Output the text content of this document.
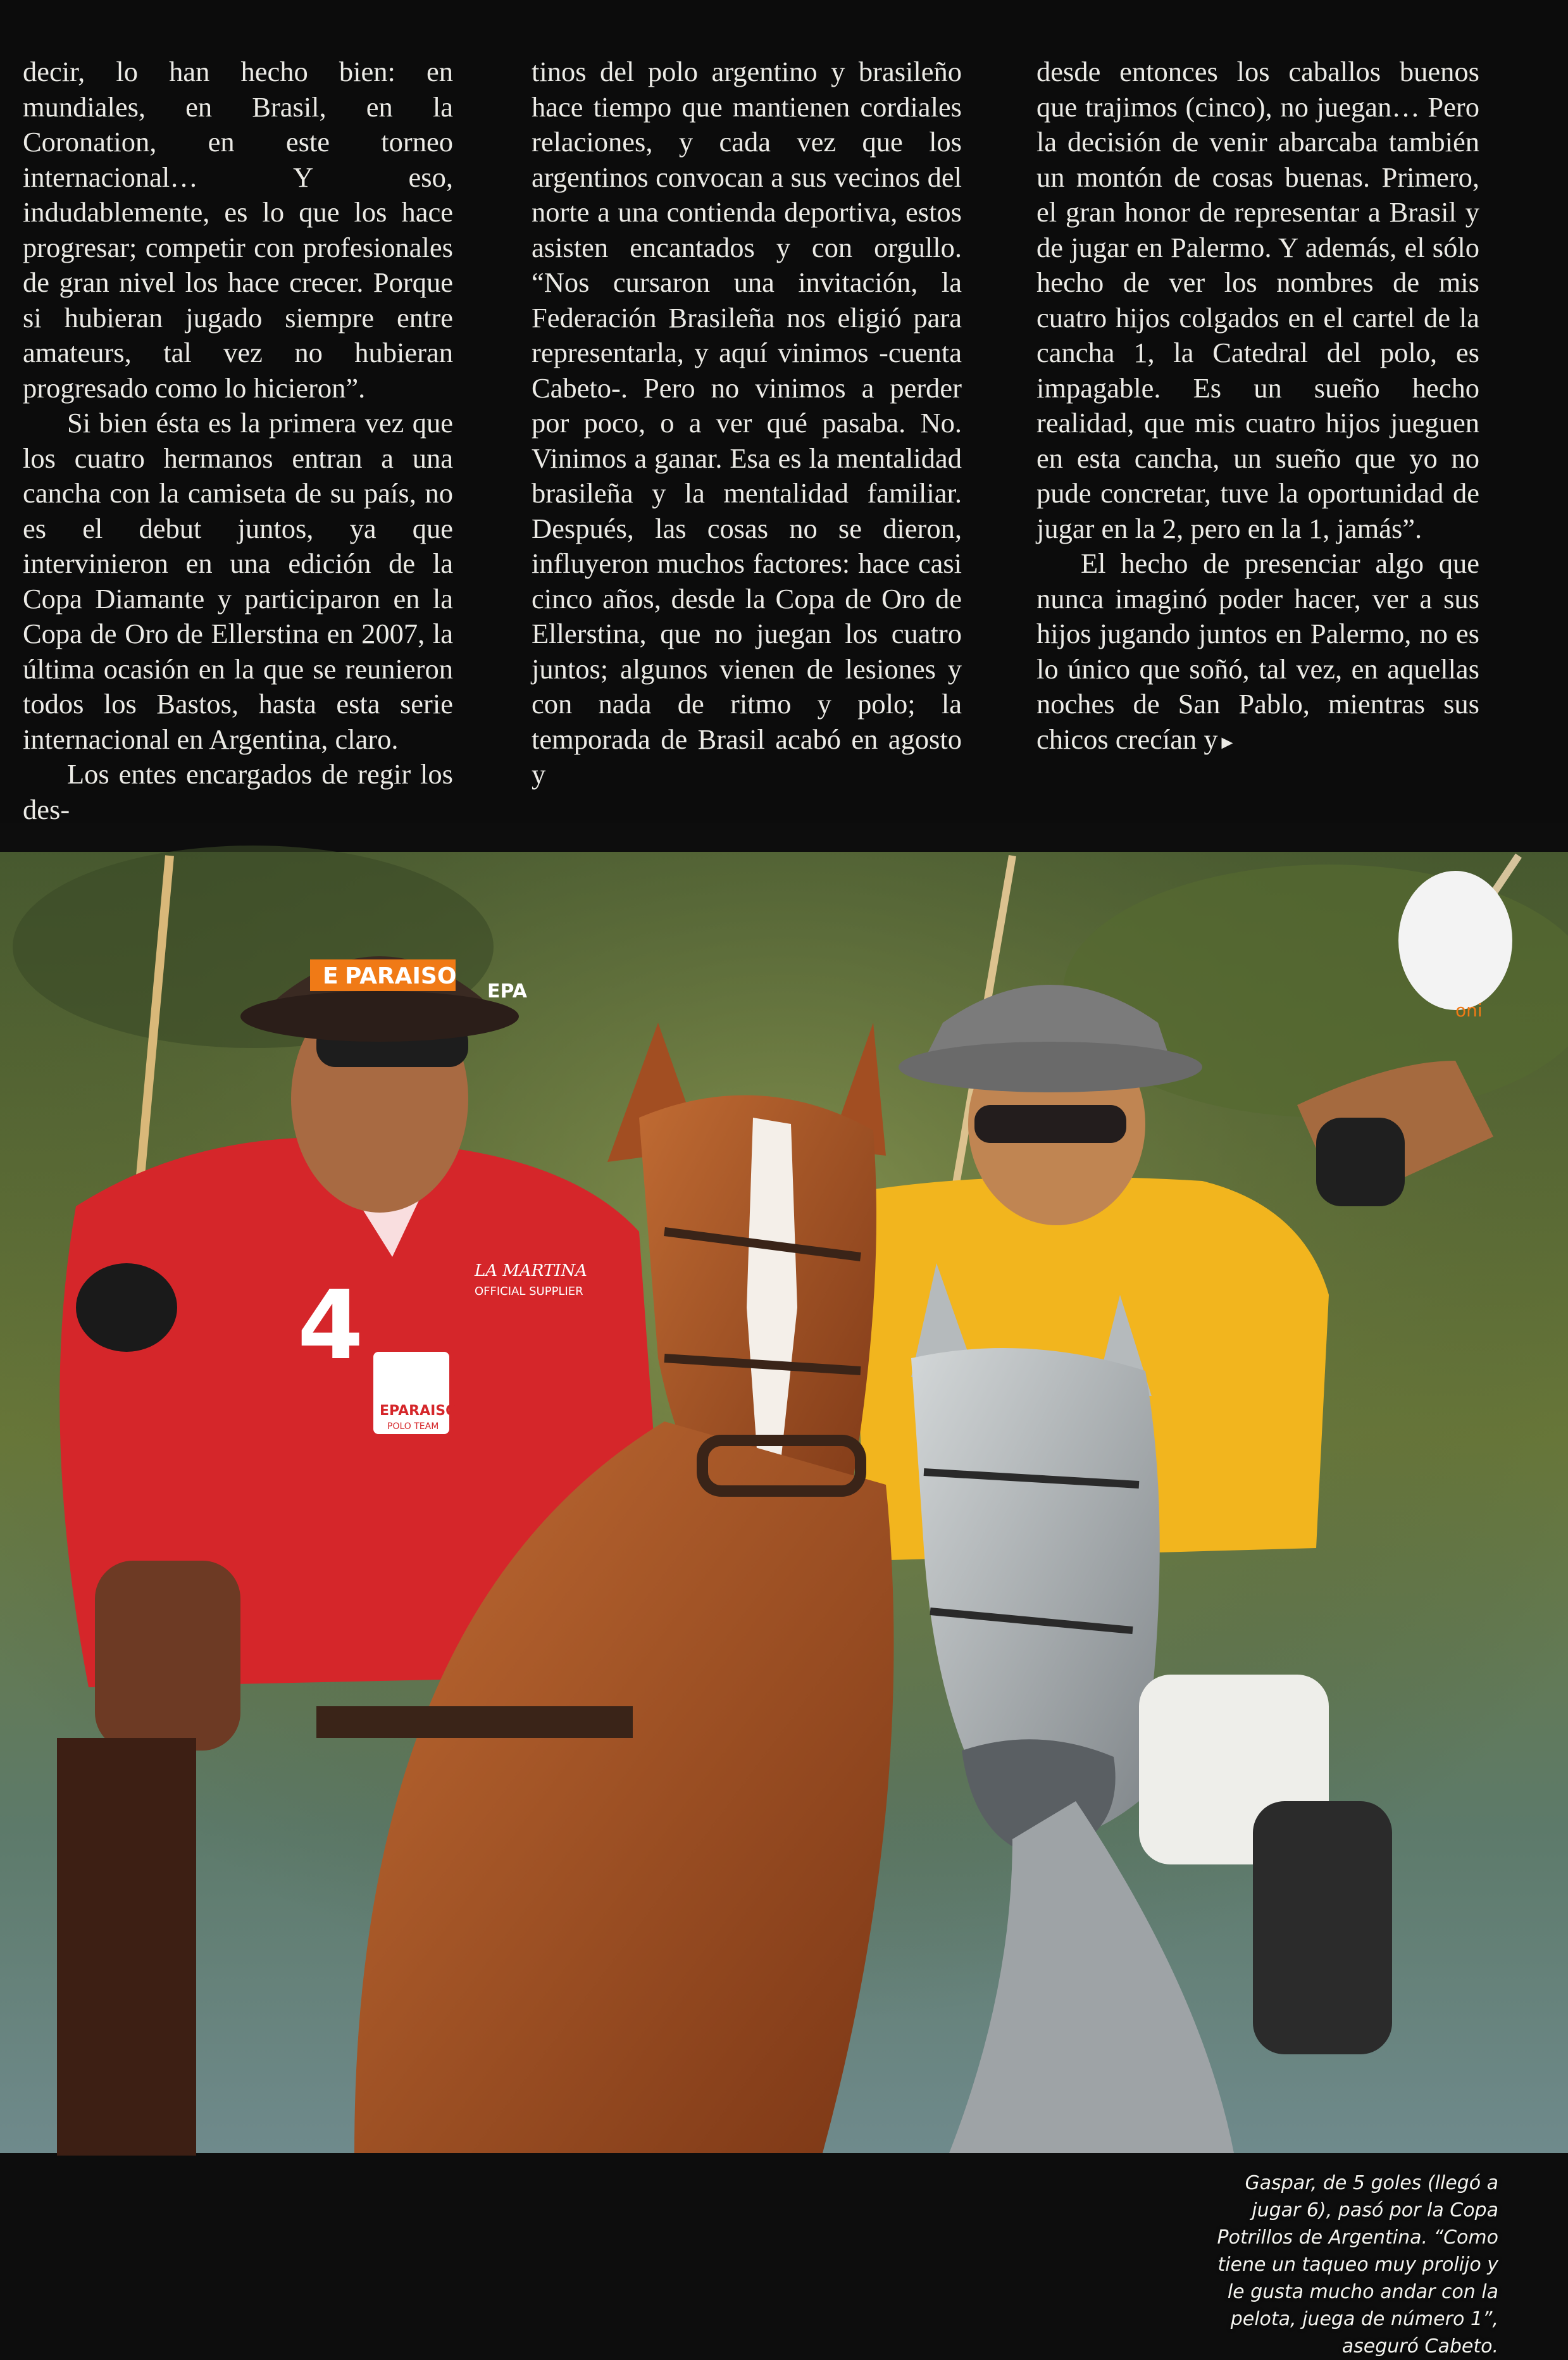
decir, lo han hecho bien: en mundiales, en Brasil, en la Coronation, en este torneo internacional… Y eso, indudablemente, es lo que los hace progresar; competir con profesionales de gran nivel los hace crecer. Porque si hubieran jugado siempre entre amateurs, tal vez no hubieran progresado como lo hicieron”.

Si bien ésta es la primera vez que los cuatro hermanos entran a una cancha con la camiseta de su país, no es el debut juntos, ya que intervinieron en una edición de la Copa Diamante y participaron en la Copa de Oro de Ellerstina en 2007, la última ocasión en la que se reunieron todos los Bastos, hasta esta serie internacional en Argentina, claro.

Los entes encargados de regir los des-

tinos del polo argentino y brasileño hace tiempo que mantienen cordiales relaciones, y cada vez que los argentinos convocan a sus vecinos del norte a una contienda deportiva, estos asisten encantados y con orgullo. “Nos cursaron una invitación, la Federación Brasileña nos eligió para representarla, y aquí vinimos -cuenta Cabeto-. Pero no vinimos a perder por poco, o a ver qué pasaba. No. Vinimos a ganar. Esa es la mentalidad brasileña y la mentalidad familiar. Después, las cosas no se dieron, influyeron muchos factores: hace casi cinco años, desde la Copa de Oro de Ellerstina, que no juegan los cuatro juntos; algunos vienen de lesiones y con nada de ritmo y polo; la temporada de Brasil acabó en agosto y

desde entonces los caballos buenos que trajimos (cinco), no juegan… Pero la decisión de venir abarcaba también un montón de cosas buenas. Primero, el gran honor de representar a Brasil y de jugar en Palermo. Y además, el sólo hecho de ver los nombres de mis cuatro hijos colgados en el cartel de la cancha 1, la Catedral del polo, es impagable. Es un sueño hecho realidad, que mis cuatro hijos jueguen en esta cancha, un sueño que yo no pude concretar, tuve la oportunidad de jugar en la 2, pero en la 1, jamás”.

El hecho de presenciar algo que nunca imaginó poder hacer, ver a sus hijos jugando juntos en Palermo, no es lo único que soñó, tal vez, en aquellas noches de San Pablo, mientras sus chicos crecían y►

E PARAISO
EPA
4	LA MARTINA
OFFICIAL SUPPLIER
EPARAISO
POLO TEAM
oni
Gaspar, de 5 goles (llegó a jugar 6), pasó por la Copa Potrillos de Argentina. “Como tiene un taqueo muy prolijo y le gusta mucho andar con la pelota, juega de número 1”, aseguró Cabeto.
